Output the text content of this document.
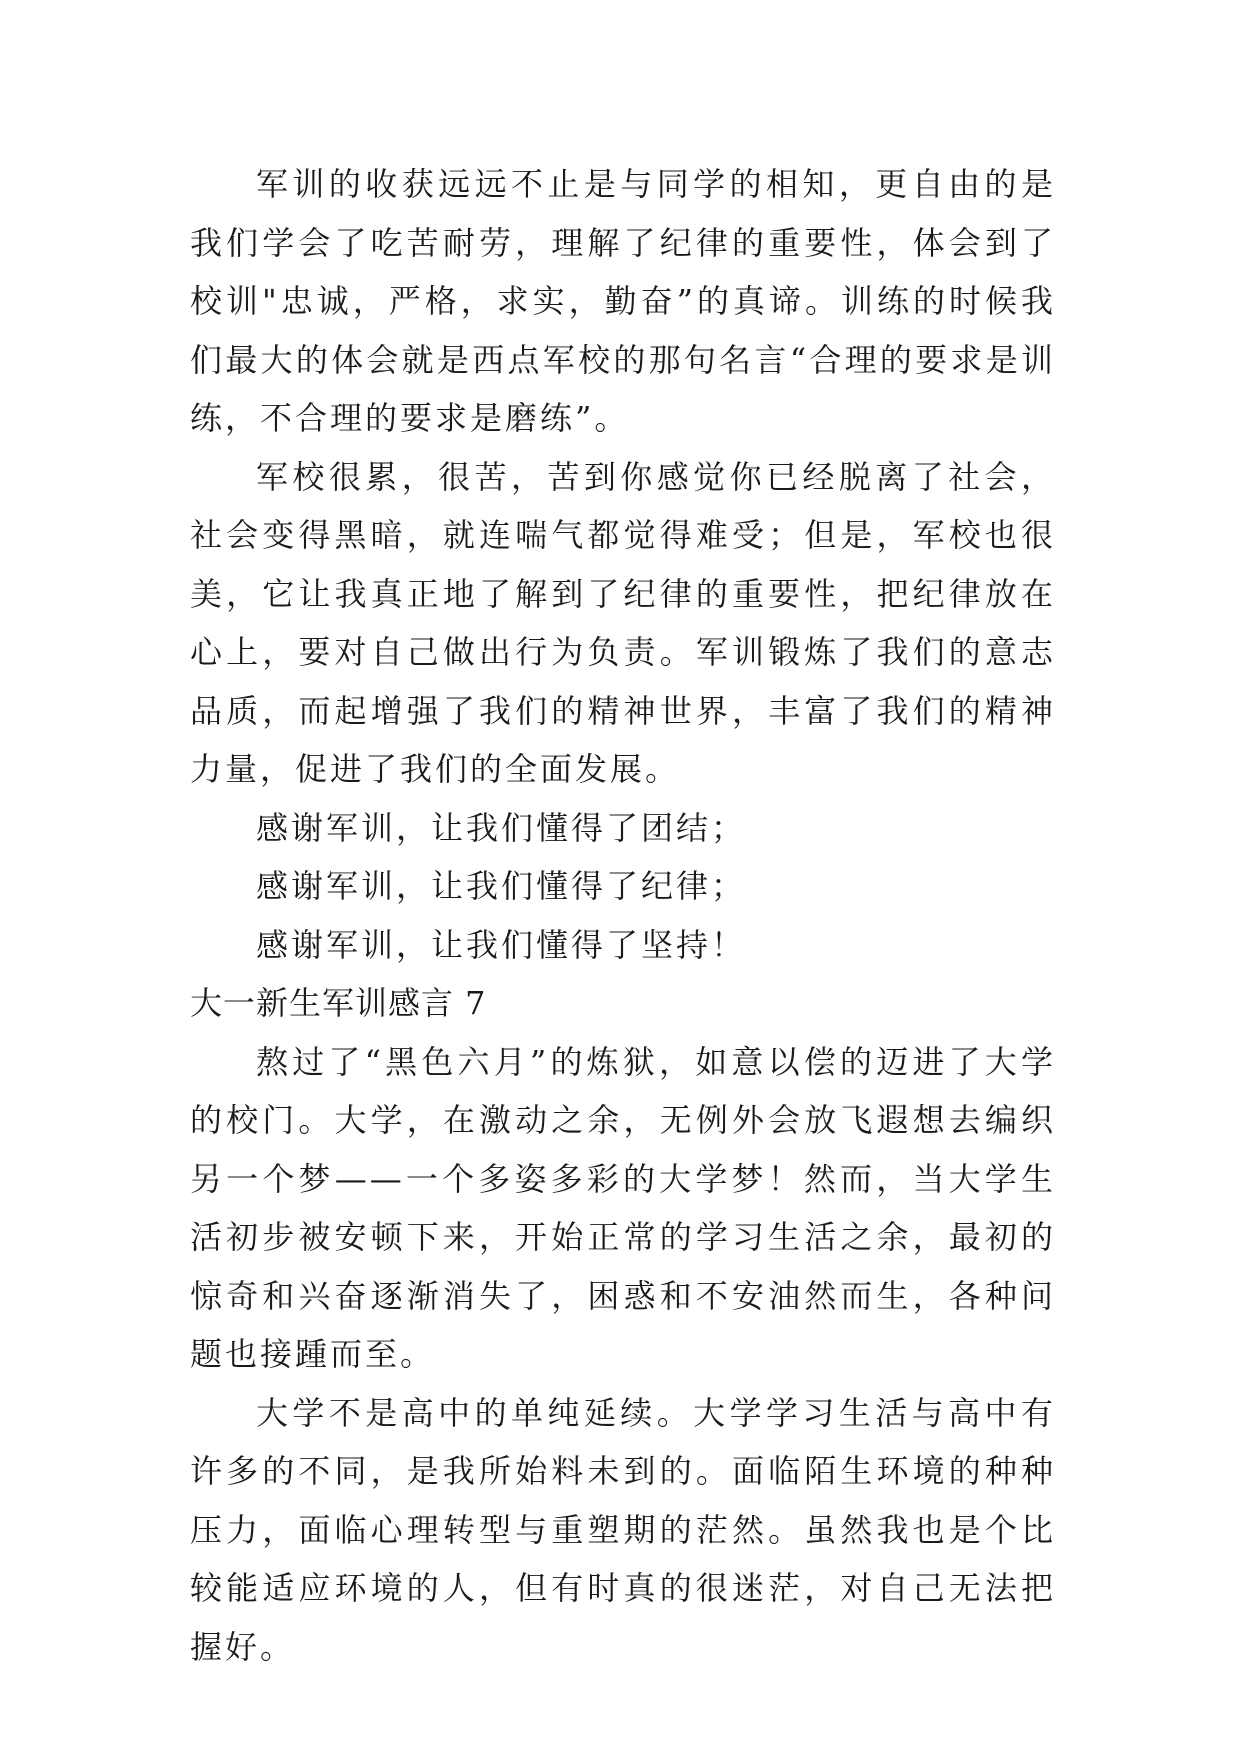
军训的收获远远不止是与同学的相知，更自由的是我们学会了吃苦耐劳，理解了纪律的重要性，体会到了校训"忠诚，严格，求实，勤奋”的真谛。训练的时候我们最大的体会就是西点军校的那句名言“合理的要求是训练，不合理的要求是磨练”。

军校很累，很苦，苦到你感觉你已经脱离了社会，社会变得黑暗，就连喘气都觉得难受；但是，军校也很美，它让我真正地了解到了纪律的重要性，把纪律放在心上，要对自己做出行为负责。军训锻炼了我们的意志品质，而起增强了我们的精神世界，丰富了我们的精神力量，促进了我们的全面发展。

感谢军训，让我们懂得了团结；

感谢军训，让我们懂得了纪律；

感谢军训，让我们懂得了坚持！

大一新生军训感言 7

熬过了“黑色六月”的炼狱，如意以偿的迈进了大学的校门。大学，在激动之余，无例外会放飞遐想去编织另一个梦——一个多姿多彩的大学梦！然而，当大学生活初步被安顿下来，开始正常的学习生活之余，最初的惊奇和兴奋逐渐消失了，困惑和不安油然而生，各种问题也接踵而至。

大学不是高中的单纯延续。大学学习生活与高中有许多的不同，是我所始料未到的。面临陌生环境的种种压力，面临心理转型与重塑期的茫然。虽然我也是个比较能适应环境的人，但有时真的很迷茫，对自己无法把握好。
